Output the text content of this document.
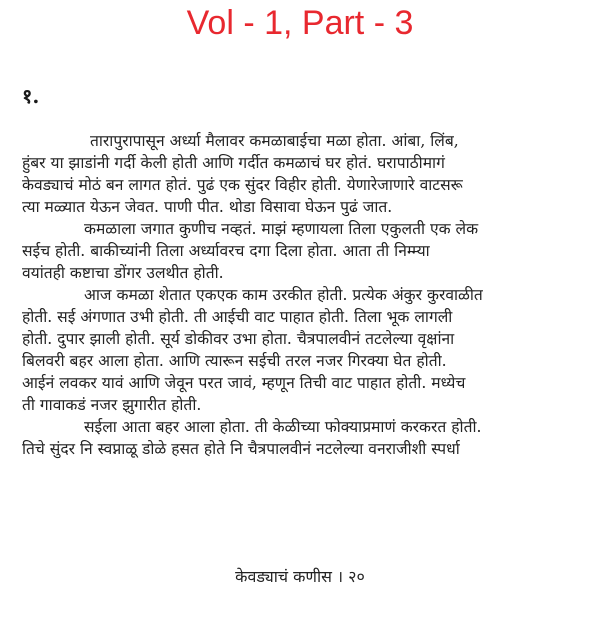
Vol - 1, Part - 3
१.
तारापुरापासून अर्ध्या मैलावर कमळाबाईचा मळा होता. आंबा, लिंब,
हुंबर या झाडांनी गर्दी केली होती आणि गर्दीत कमळाचं घर होतं. घरापाठीमागं
केवड्याचं मोठं बन लागत होतं. पुढं एक सुंदर विहीर होती. येणारेजाणारे वाटसरू
त्या मळ्यात येऊन जेवत. पाणी पीत. थोडा विसावा घेऊन पुढं जात.
कमळाला जगात कुणीच नव्हतं. माझं म्हणायला तिला एकुलती एक लेक
सईच होती. बाकीच्यांनी तिला अर्ध्यावरच दगा दिला होता. आता ती निम्म्या
वयांतही कष्टाचा डोंगर उलथीत होती.
आज कमळा शेतात एकएक काम उरकीत होती. प्रत्येक अंकुर कुरवाळीत
होती. सई अंगणात उभी होती. ती आईची वाट पाहात होती. तिला भूक लागली
होती. दुपार झाली होती. सूर्य डोकीवर उभा होता. चैत्रपालवीनं तटलेल्या वृक्षांना
बिलवरी बहर आला होता. आणि त्यारून सईची तरल नजर गिरक्या घेत होती.
आईनं लवकर यावं आणि जेवून परत जावं, म्हणून तिची वाट पाहात होती. मध्येच
ती गावाकडं नजर झुगारीत होती.
सईला आता बहर आला होता. ती केळीच्या फोक्याप्रमाणं करकरत होती.
तिचे सुंदर नि स्वप्नाळू डोळे हसत होते नि चैत्रपालवीनं नटलेल्या वनराजीशी स्पर्धा
केवड्याचं कणीस । २०
